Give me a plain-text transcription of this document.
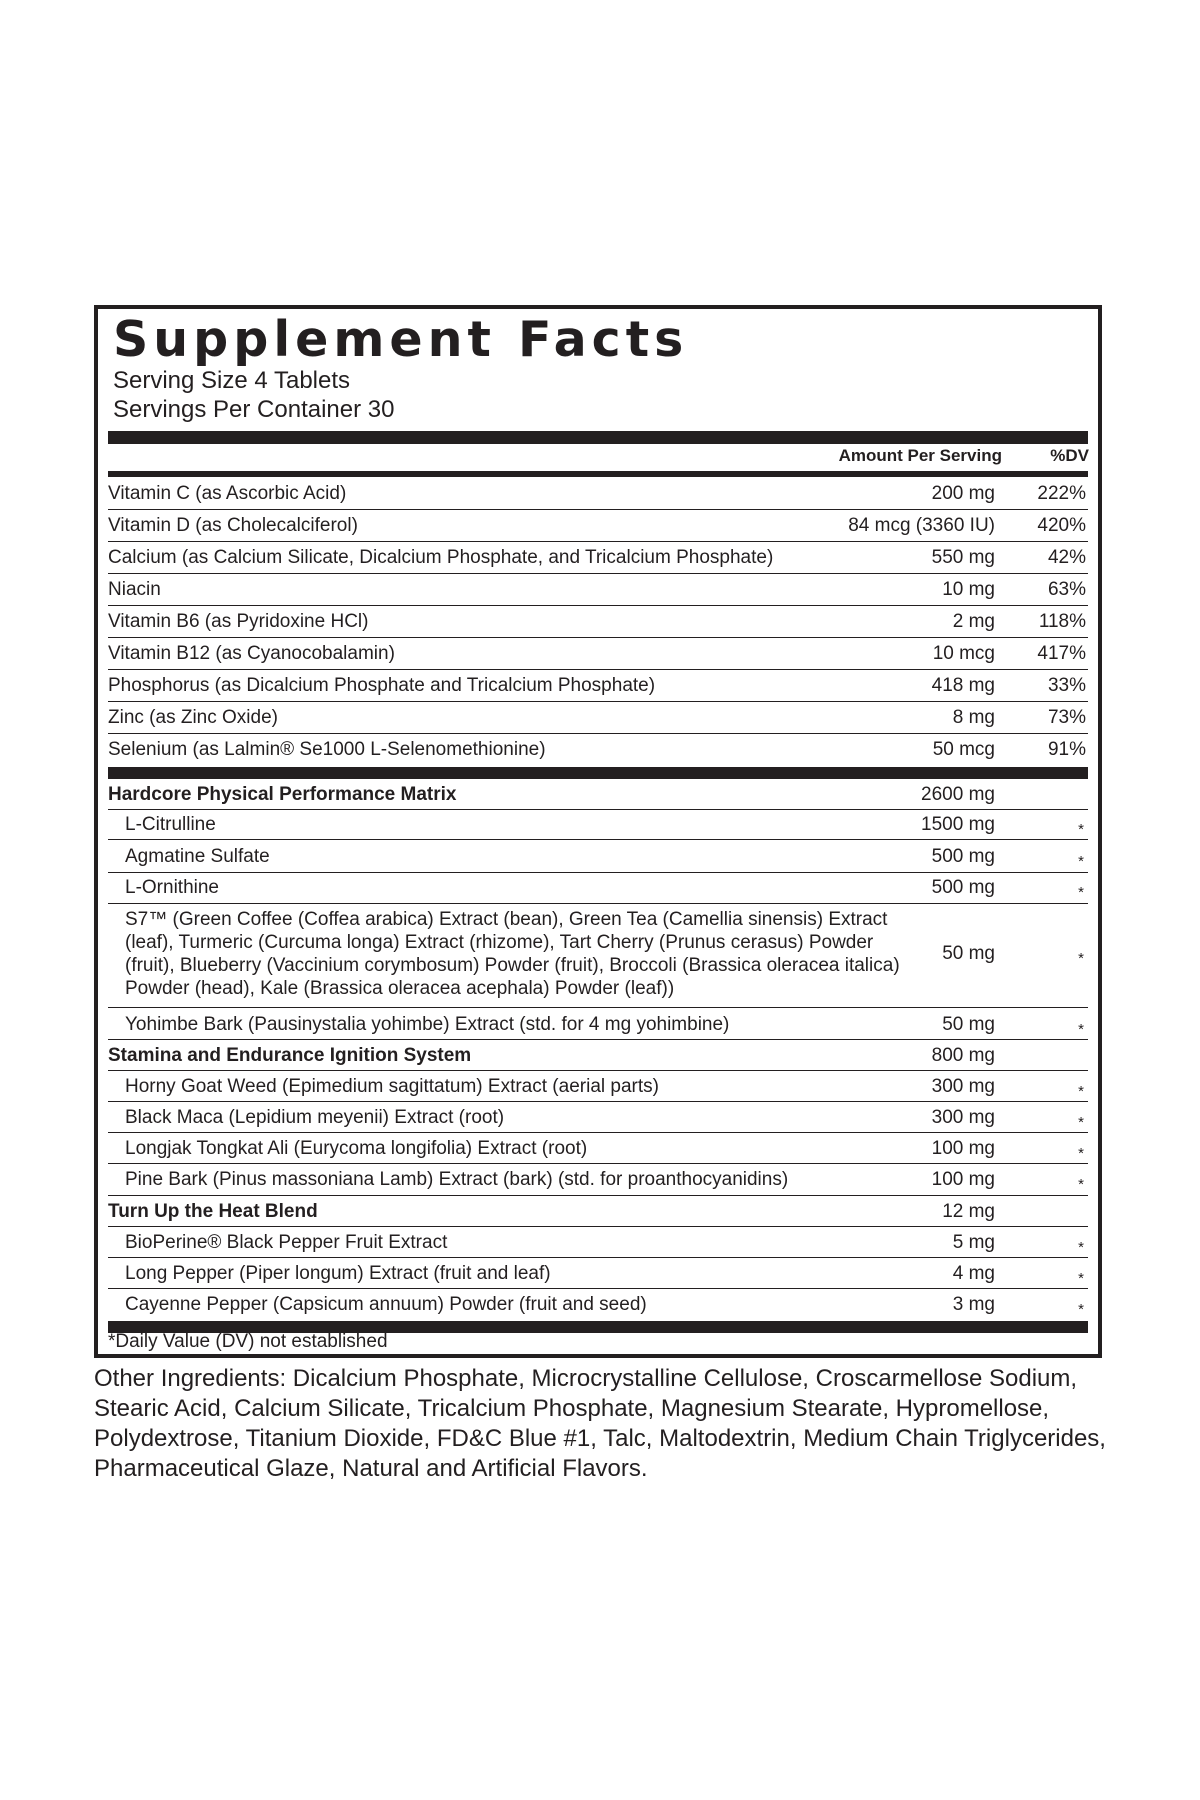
Supplement Facts
Serving Size 4 Tablets
Servings Per Container 30
Amount Per Serving	%DV
Vitamin C (as Ascorbic Acid)	200 mg 222%
Vitamin D (as Cholecalciferol)	84 mcg (3360 IU) 420%
Calcium (as Calcium Silicate, Dicalcium Phosphate, and Tricalcium Phosphate)	550 mg	42%
Niacin	10 mg	63%
Vitamin B6 (as Pyridoxine HCl)	2 mg 118%
Vitamin B12 (as Cyanocobalamin)	10 mcg 417%
Phosphorus (as Dicalcium Phosphate and Tricalcium Phosphate)	418 mg	33%
Zinc (as Zinc Oxide)	8 mg	73%
Selenium (as Lalmin® Se1000 L-Selenomethionine)	50 mcg	91%
Hardcore Physical Performance Matrix	2600 mg
L-Citrulline	1500 mg	*
Agmatine Sulfate	500 mg	*
L-Ornithine	500 mg	*
S7™ (Green Coffee (Coffea arabica) Extract (bean), Green Tea (Camellia sinensis) Extract (leaf), Turmeric (Curcuma longa) Extract (rhizome), Tart Cherry (Prunus cerasus) Powder (fruit), Blueberry (Vaccinium corymbosum) Powder (fruit), Broccoli (Brassica oleracea italica) Powder (head), Kale (Brassica oleracea acephala) Powder (leaf))
50 mg	*
Yohimbe Bark (Pausinystalia yohimbe) Extract (std. for 4 mg yohimbine)	50 mg	*
Stamina and Endurance Ignition System	800 mg
Horny Goat Weed (Epimedium sagittatum) Extract (aerial parts)	300 mg	*
Black Maca (Lepidium meyenii) Extract (root)	300 mg	*
Longjak Tongkat Ali (Eurycoma longifolia) Extract (root)	100 mg	*
Pine Bark (Pinus massoniana Lamb) Extract (bark) (std. for proanthocyanidins)	100 mg	*
Turn Up the Heat Blend	12 mg
BioPerine® Black Pepper Fruit Extract	5 mg	*
Long Pepper (Piper longum) Extract (fruit and leaf)	4 mg	*
Cayenne Pepper (Capsicum annuum) Powder (fruit and seed)	3 mg	*
*Daily Value (DV) not established
Other Ingredients: Dicalcium Phosphate, Microcrystalline Cellulose, Croscarmellose Sodium, Stearic Acid, Calcium Silicate, Tricalcium Phosphate, Magnesium Stearate, Hypromellose, Polydextrose, Titanium Dioxide, FD&C Blue #1, Talc, Maltodextrin, Medium Chain Triglycerides, Pharmaceutical Glaze, Natural and Artificial Flavors.
